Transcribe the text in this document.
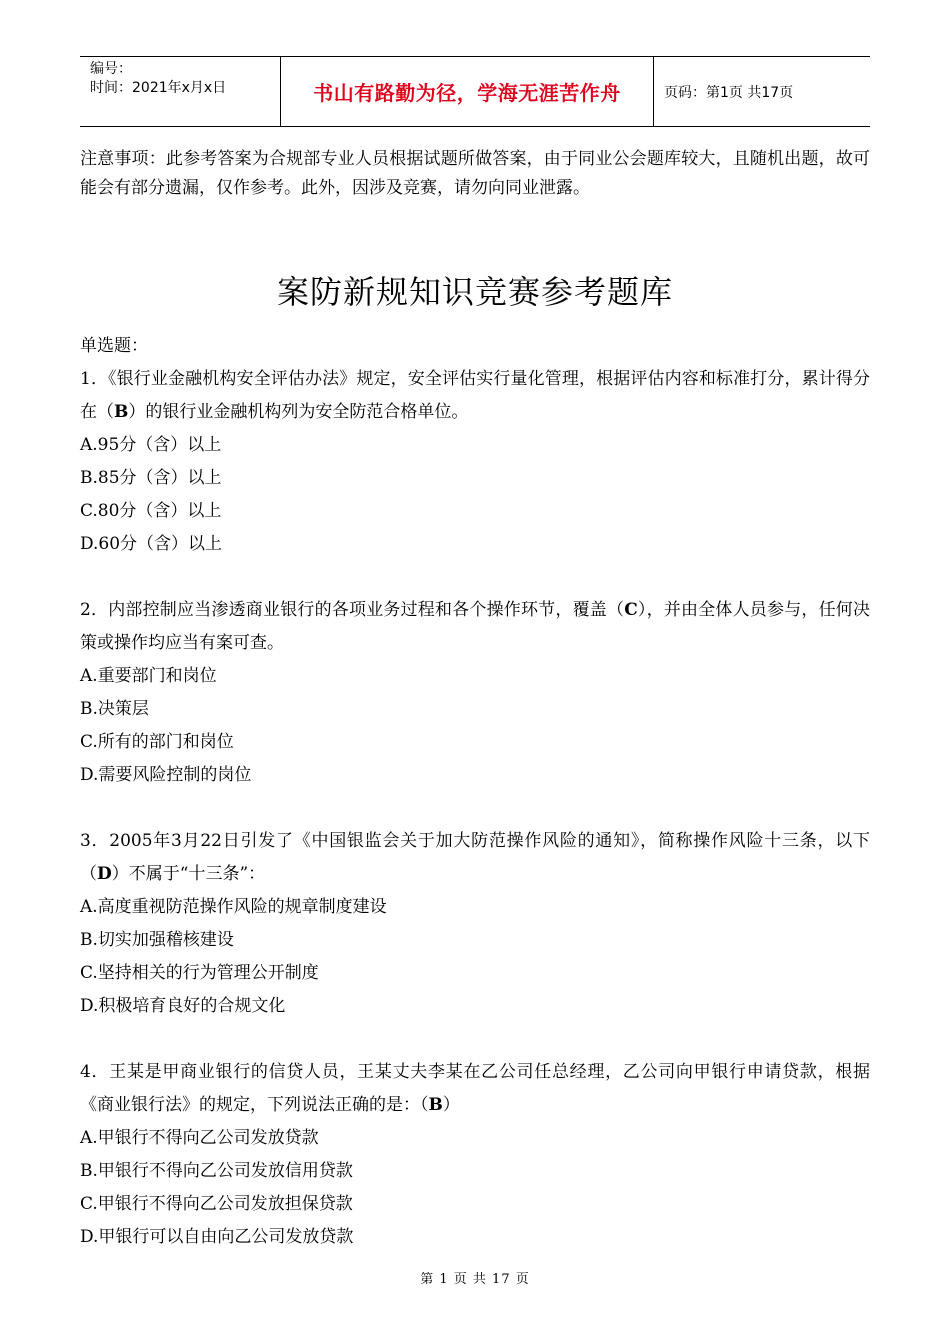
编号：
时间：2021年x月x日	书山有路勤为径，学海无涯苦作舟	页码：第1页 共17页
注意事项：此参考答案为合规部专业人员根据试题所做答案，由于同业公会题库较大，且随机出题，故可能会有部分遗漏，仅作参考。此外，因涉及竞赛，请勿向同业泄露。
案防新规知识竞赛参考题库

单选题：

1．《银行业金融机构安全评估办法》规定，安全评估实行量化管理，根据评估内容和标准打分，累计得分在（B）的银行业金融机构列为安全防范合格单位。

A.95分（含）以上

B.85分（含）以上

C.80分（含）以上

D.60分（含）以上

2．内部控制应当渗透商业银行的各项业务过程和各个操作环节，覆盖（C），并由全体人员参与，任何决策或操作均应当有案可查。

A.重要部门和岗位

B.决策层

C.所有的部门和岗位

D.需要风险控制的岗位

3．2005年3月22日引发了《中国银监会关于加大防范操作风险的通知》，简称操作风险十三条，以下（D）不属于“十三条”：

A.高度重视防范操作风险的规章制度建设

B.切实加强稽核建设

C.坚持相关的行为管理公开制度

D.积极培育良好的合规文化

4．王某是甲商业银行的信贷人员，王某丈夫李某在乙公司任总经理，乙公司向甲银行申请贷款，根据《商业银行法》的规定，下列说法正确的是：（B）

A.甲银行不得向乙公司发放贷款

B.甲银行不得向乙公司发放信用贷款

C.甲银行不得向乙公司发放担保贷款

D.甲银行可以自由向乙公司发放贷款

第 1 页 共 17 页
